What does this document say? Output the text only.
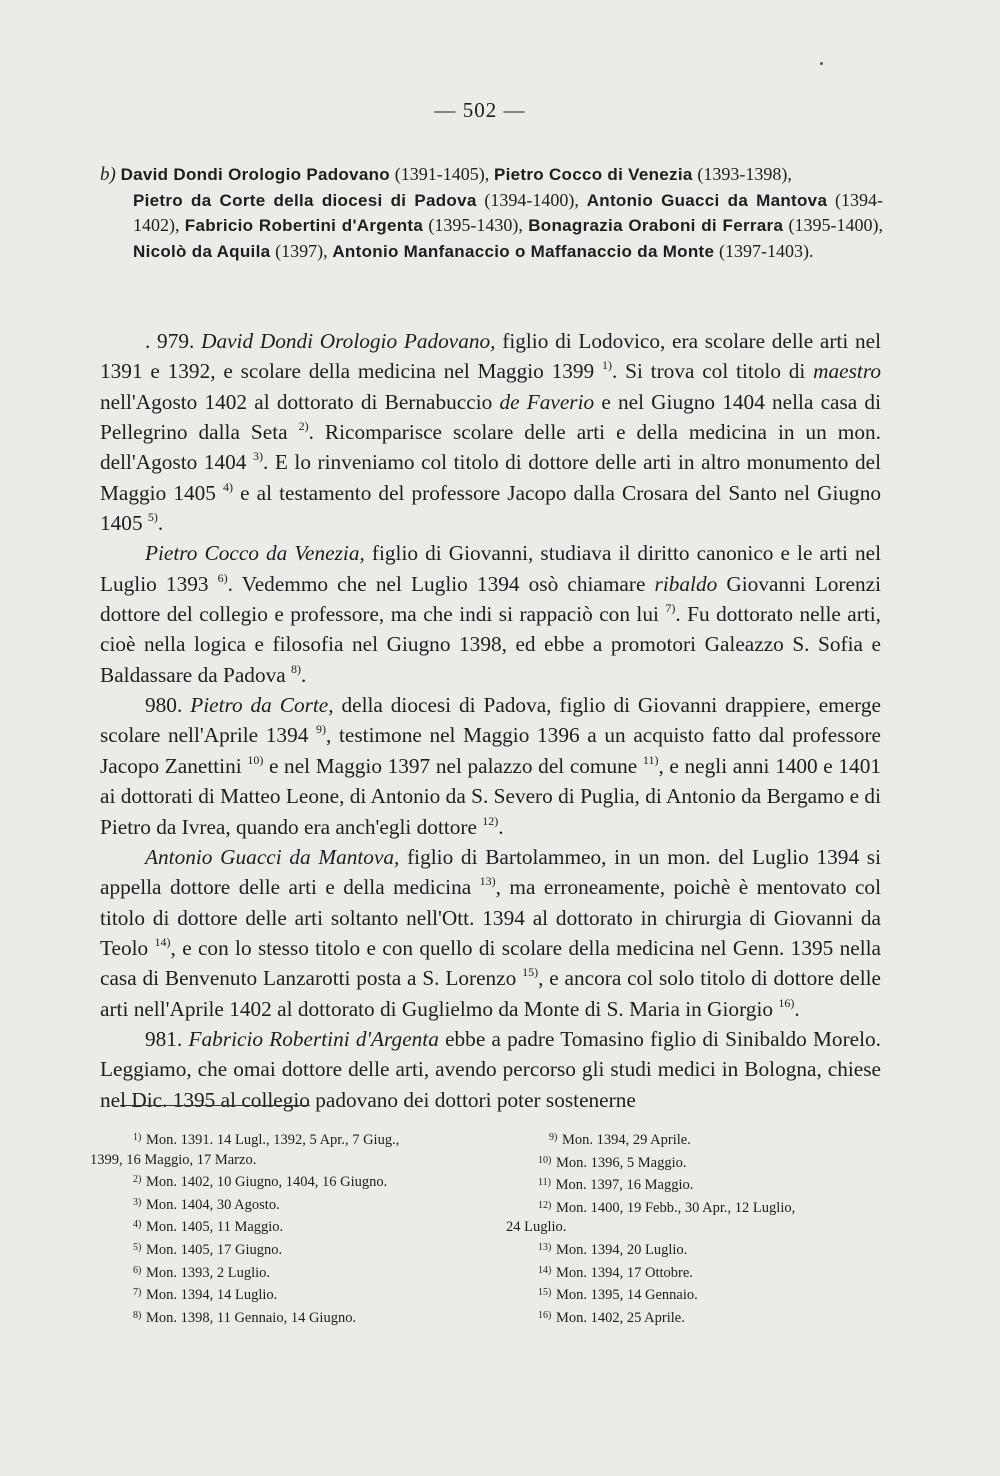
— 502 —
b) David Dondi Orologio Padovano (1391-1405), Pietro Cocco di Venezia (1393-1398),
Pietro da Corte della diocesi di Padova (1394-1400), Antonio Guacci da Mantova (1394-1402), Fabricio Robertini d'Argenta (1395-1430), Bonagrazia Oraboni di Ferrara (1395-1400), Nicolò da Aquila (1397), Antonio Manfanaccio o Maffanaccio da Monte (1397-1403).

. 979. David Dondi Orologio Padovano, figlio di Lodovico, era scolare delle arti nel 1391 e 1392, e scolare della medicina nel Maggio 1399 $^{1)}$. Si trova col titolo di maestro nell'Agosto 1402 al dottorato di Bernabuccio de Faverio e nel Giugno 1404 nella casa di Pellegrino dalla Seta $^{2)}$. Ricomparisce scolare delle arti e della medicina in un mon. dell'Agosto 1404 $^{3)}$. E lo rinveniamo col titolo di dottore delle arti in altro monumento del Maggio 1405 $^{4)}$ e al testamento del professore Jacopo dalla Crosara del Santo nel Giugno 1405 $^{5)}$.

Pietro Cocco da Venezia, figlio di Giovanni, studiava il diritto canonico e le arti nel Luglio 1393 $^{6)}$. Vedemmo che nel Luglio 1394 osò chiamare ribaldo Giovanni Lorenzi dottore del collegio e professore, ma che indi si rappaciò con lui $^{7)}$. Fu dottorato nelle arti, cioè nella logica e filosofia nel Giugno 1398, ed ebbe a promotori Galeazzo S. Sofia e Baldassare da Padova $^{8)}$.

980. Pietro da Corte, della diocesi di Padova, figlio di Giovanni drappiere, emerge scolare nell'Aprile 1394 $^{9)}$, testimone nel Maggio 1396 a un acquisto fatto dal professore Jacopo Zanettini $^{10)}$ e nel Maggio 1397 nel palazzo del comune $^{11)}$, e negli anni 1400 e 1401 ai dottorati di Matteo Leone, di Antonio da S. Severo di Puglia, di Antonio da Bergamo e di Pietro da Ivrea, quando era anch'egli dottore $^{12)}$.

Antonio Guacci da Mantova, figlio di Bartolammeo, in un mon. del Luglio 1394 si appella dottore delle arti e della medicina $^{13)}$, ma erroneamente, poichè è mentovato col titolo di dottore delle arti soltanto nell'Ott. 1394 al dottorato in chirurgia di Giovanni da Teolo $^{14)}$, e con lo stesso titolo e con quello di scolare della medicina nel Genn. 1395 nella casa di Benvenuto Lanzarotti posta a S. Lorenzo $^{15)}$, e ancora col solo titolo di dottore delle arti nell'Aprile 1402 al dottorato di Guglielmo da Monte di S. Maria in Giorgio $^{16)}$.

981. Fabricio Robertini d'Argenta ebbe a padre Tomasino figlio di Sinibaldo Morelo. Leggiamo, che omai dottore delle arti, avendo percorso gli studi medici in Bologna, chiese nel Dic. 1395 al collegio padovano dei dottori poter sostenerne

$^{1)}$ Mon. 1391. 14 Lugl., 1392, 5 Apr., 7 Giug.,
1399, 16 Maggio, 17 Marzo.
$^{2)}$ Mon. 1402, 10 Giugno, 1404, 16 Giugno.
$^{3)}$ Mon. 1404, 30 Agosto.
$^{4)}$ Mon. 1405, 11 Maggio.
$^{5)}$ Mon. 1405, 17 Giugno.
$^{6)}$ Mon. 1393, 2 Luglio.
$^{7)}$ Mon. 1394, 14 Luglio.
$^{8)}$ Mon. 1398, 11 Gennaio, 14 Giugno.
$^{9)}$ Mon. 1394, 29 Aprile.
$^{10)}$ Mon. 1396, 5 Maggio.
$^{11)}$ Mon. 1397, 16 Maggio.
$^{12)}$ Mon. 1400, 19 Febb., 30 Apr., 12 Luglio,
24 Luglio.
$^{13)}$ Mon. 1394, 20 Luglio.
$^{14)}$ Mon. 1394, 17 Ottobre.
$^{15)}$ Mon. 1395, 14 Gennaio.
$^{16)}$ Mon. 1402, 25 Aprile.
